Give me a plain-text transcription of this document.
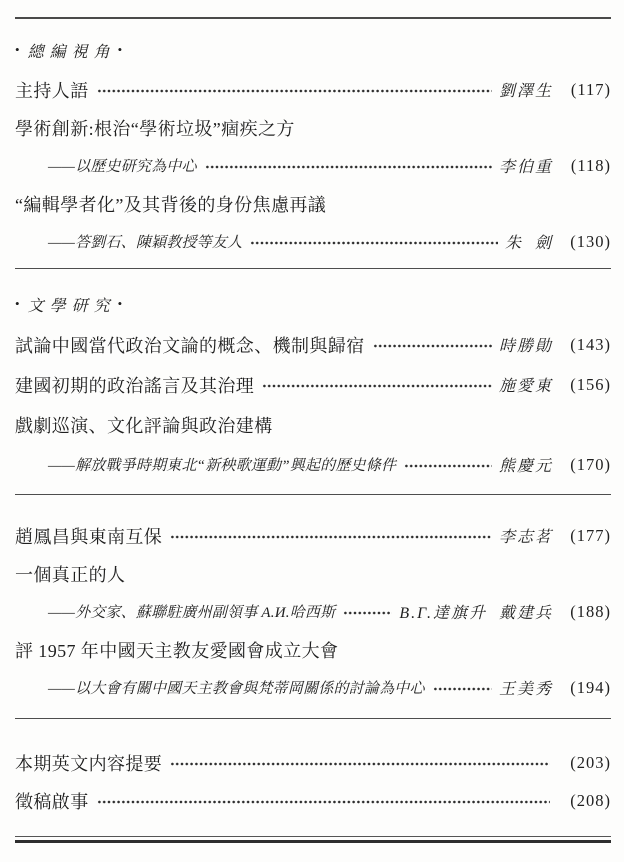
• 總編視角 •
主持人語	劉澤生	(117)
學術創新:根治“學術垃圾”痼疾之方
——以歷史研究為中心	李伯重	(118)
“編輯學者化”及其背後的身份焦慮再議
——答劉石、陳穎教授等友人	朱  劍	(130)
• 文學研究 •
試論中國當代政治文論的概念、機制與歸宿	時勝勛	(143)
建國初期的政治謠言及其治理	施愛東	(156)
戲劇巡演、文化評論與政治建構
——解放戰爭時期東北“新秧歌運動”興起的歷史條件	熊慶元	(170)
趙鳳昌與東南互保	李志茗	(177)
一個真正的人
——外交家、蘇聯駐廣州副領事 А.И.哈西斯	В.Г.達旗升  戴建兵	(188)
評 1957 年中國天主教友愛國會成立大會
——以大會有關中國天主教會與梵蒂岡關係的討論為中心	王美秀	(194)
本期英文内容提要	(203)
徵稿啟事	(208)
